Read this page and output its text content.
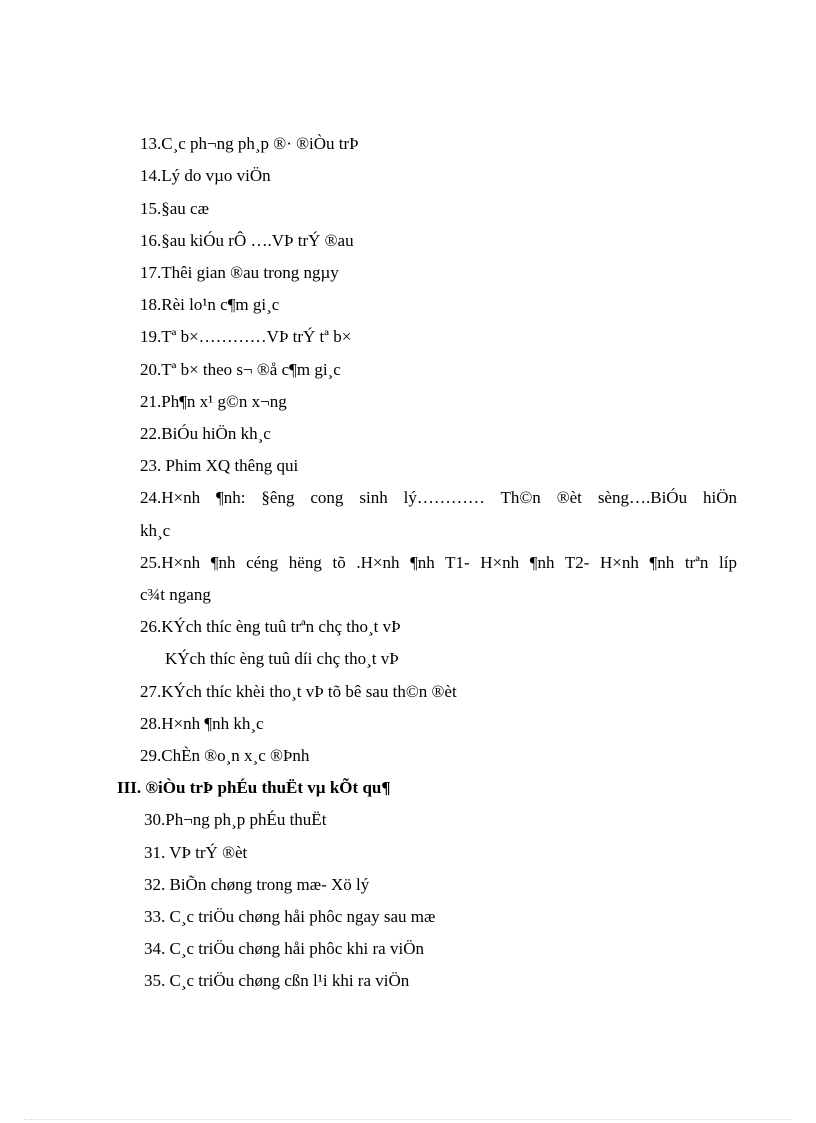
13.C¸c ph¬ng ph¸p ®· ®iÒu trÞ
14.Lý do vµo viÖn
15.§au cæ
16.§au kiÓu rÔ ….VÞ trÝ ®au
17.Thêi gian ®au trong ngµy
18.Rèi lo¹n c¶m gi¸c
19.Tª b×…………VÞ trÝ tª b×
20.Tª b× theo s¬ ®å c¶m gi¸c
21.Ph¶n x¹ g©n x¬ng
22.BiÓu hiÖn kh¸c
23. Phim XQ thêng qui
24.H×nh ¶nh: §êng cong sinh lý………… Th©n ®èt sèng….BiÓu hiÖn
kh¸c
25.H×nh ¶nh céng hëng tõ .H×nh ¶nh T1- H×nh ¶nh T2- H×nh ¶nh trªn líp
c¾t ngang
26.KÝch thíc èng tuû trªn chç tho¸t vÞ
KÝch thíc èng tuû díi chç tho¸t vÞ
27.KÝch thíc khèi tho¸t vÞ tõ bê sau th©n ®èt
28.H×nh ¶nh kh¸c
29.ChÈn ®o¸n x¸c ®Þnh
III. ®iÒu trÞ phÉu thuËt vµ kÕt qu¶
30.Ph¬ng ph¸p phÉu thuËt
31. VÞ trÝ ®èt
32. BiÕn chøng trong mæ- Xö lý
33. C¸c triÖu chøng håi phôc ngay sau mæ
34. C¸c triÖu chøng håi phôc khi ra viÖn
35. C¸c triÖu chøng cßn l¹i khi ra viÖn
